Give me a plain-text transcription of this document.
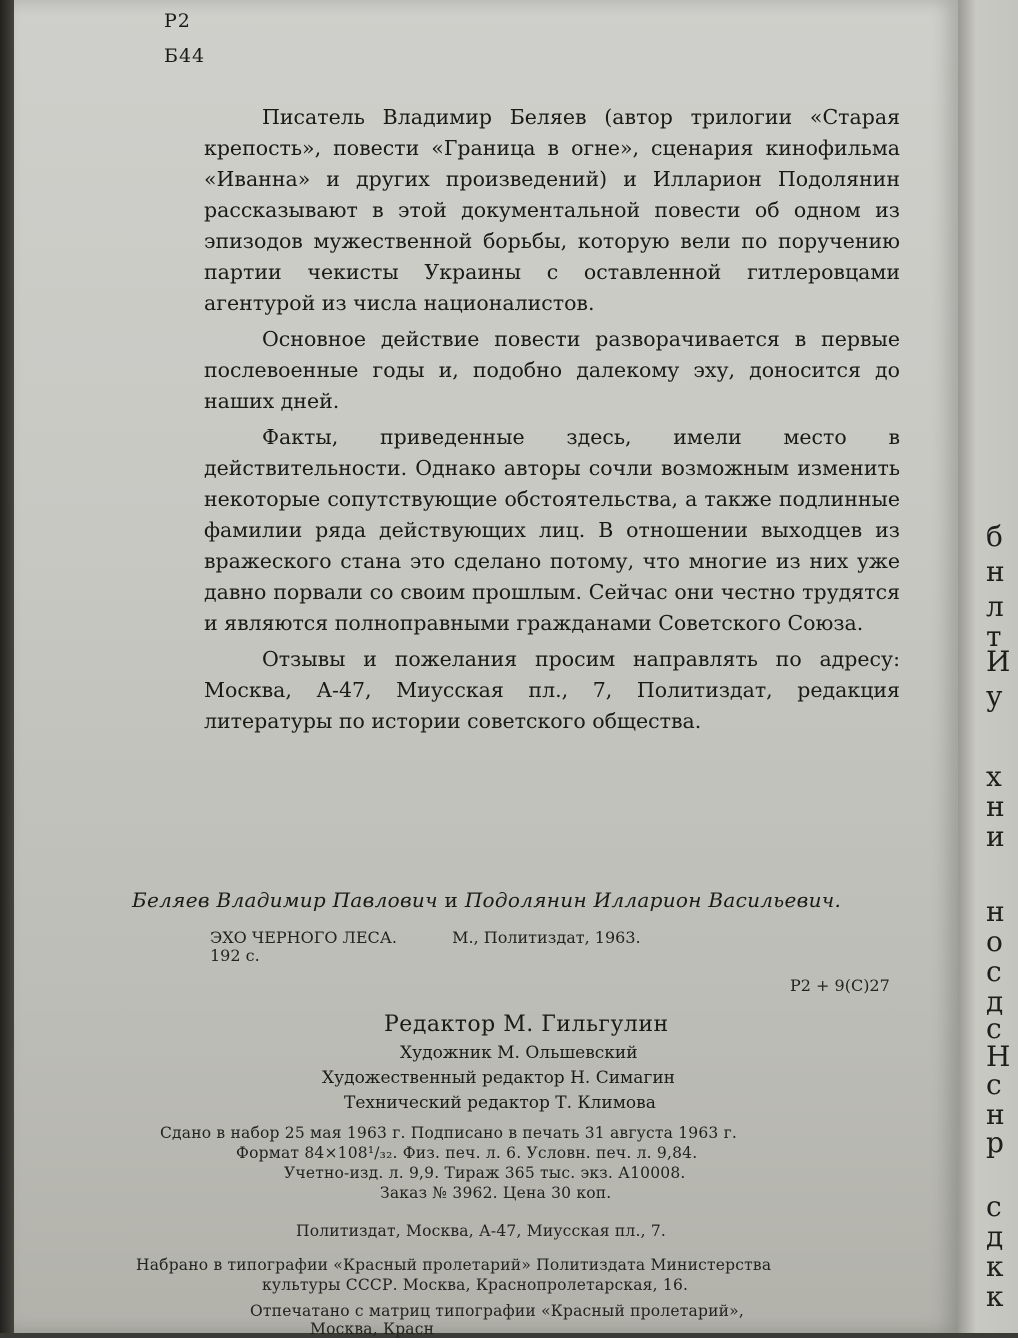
Р2
Б44

Писатель Владимир Беляев (автор трилогии «Старая крепость», повести «Граница в огне», сценария кинофильма «Иванна» и других произведений) и Илларион Подолянин рассказывают в этой документальной повести об одном из эпизодов мужественной борьбы, которую вели по поручению партии чекисты Украины с оставленной гитлеровцами агентурой из числа националистов.

Основное действие повести разворачивается в первые послевоенные годы и, подобно далекому эху, доносится до наших дней.

Факты, приведенные здесь, имели место в действительности. Однако авторы сочли возможным изменить некоторые сопутствующие обстоятельства, а также подлинные фамилии ряда действующих лиц. В отношении выходцев из вражеского стана это сделано потому, что многие из них уже давно порвали со своим прошлым. Сейчас они честно трудятся и являются полноправными гражданами Советского Союза.

Отзывы и пожелания просим направлять по адресу: Москва, А-47, Миусская пл., 7, Политиздат, редакция литературы по истории советского общества.

Беляев Владимир Павлович и Подолянин Илларион Васильевич.
ЭХО ЧЕРНОГО ЛЕСА.	М., Политиздат, 1963.
192 с.
Р2 + 9(С)27
Редактор М. Гильгулин
Художник М. Ольшевский
Художественный редактор Н. Симагин
Технический редактор Т. Климова
Сдано в набор 25 мая 1963 г. Подписано в печать 31 августа 1963 г.
Формат 84×108¹/₃₂. Физ. печ. л. 6. Условн. печ. л. 9,84.
Учетно-изд. л. 9,9. Тираж 365 тыс. экз. А10008.
Заказ № 3962. Цена 30 коп.
Политиздат, Москва, А-47, Миусская пл., 7.
Набрано в типографии «Красный пролетарий» Политиздата Министерства
культуры СССР. Москва, Краснопролетарская, 16.
Отпечатано с матриц типографии «Красный пролетарий»,
Москва, Красн
б
н
л
т
И
у
х
н
и
н
о
с
д
с
Н
с
н
р
с
д
к
к
